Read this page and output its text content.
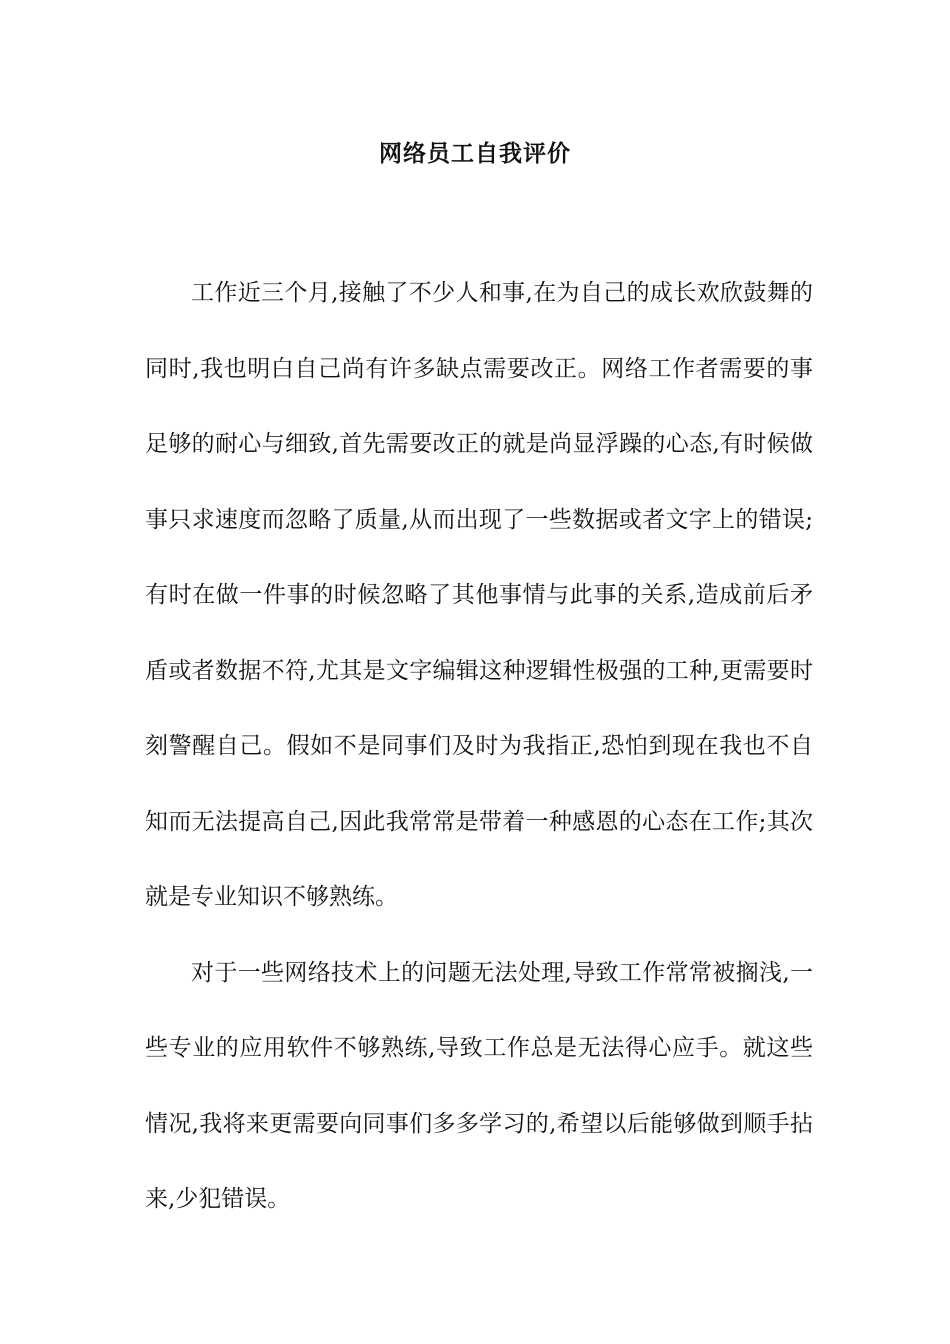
网络员工自我评价

工作近三个月,接触了不少人和事,在为自己的成长欢欣鼓舞的同时,我也明白自己尚有许多缺点需要改正。网络工作者需要的事足够的耐心与细致,首先需要改正的就是尚显浮躁的心态,有时候做事只求速度而忽略了质量,从而出现了一些数据或者文字上的错误;有时在做一件事的时候忽略了其他事情与此事的关系,造成前后矛盾或者数据不符,尤其是文字编辑这种逻辑性极强的工种,更需要时刻警醒自己。假如不是同事们及时为我指正,恐怕到现在我也不自知而无法提高自己,因此我常常是带着一种感恩的心态在工作;其次就是专业知识不够熟练。

对于一些网络技术上的问题无法处理,导致工作常常被搁浅,一些专业的应用软件不够熟练,导致工作总是无法得心应手。就这些情况,我将来更需要向同事们多多学习的,希望以后能够做到顺手拈来,少犯错误。
